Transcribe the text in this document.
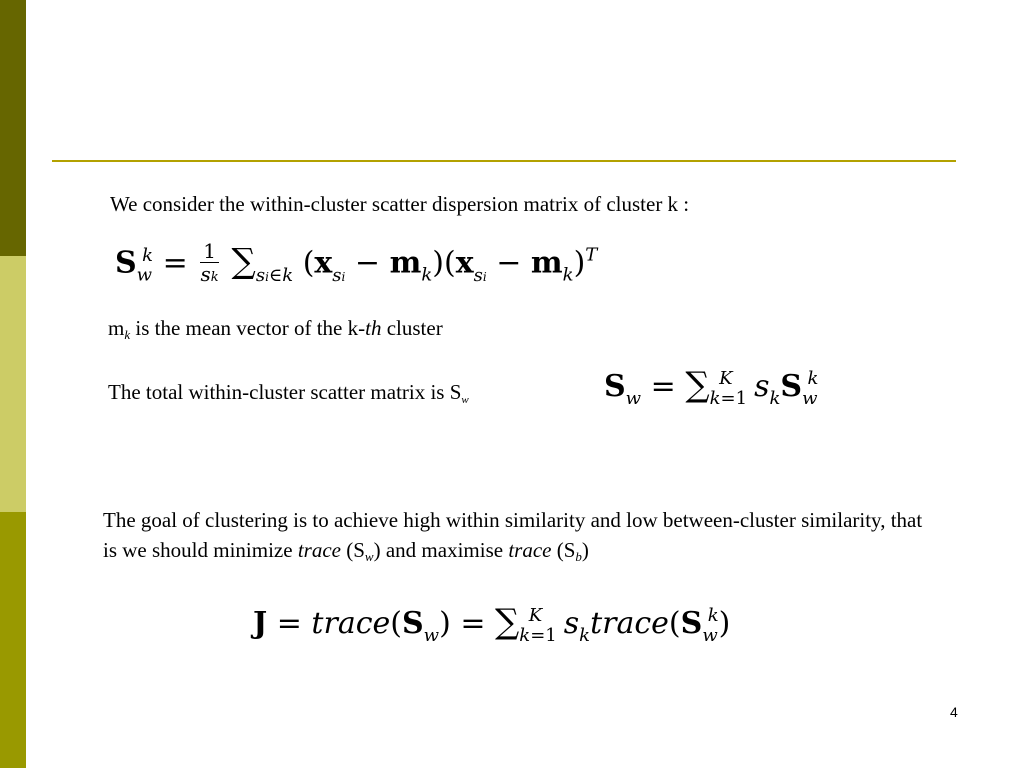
We consider the within-cluster scatter dispersion matrix of cluster k :
$S_w^k = \frac{1}{sk} \sum_{si\in k}$ $(x_{si} - m_k)(x_{si} - m_k)^T$
mk is the mean vector of the k-th cluster
The total within-cluster scatter matrix is Sw	$S_w = \sum_{k=1}^K$ $s_kS_w^k$
The goal of clustering is to achieve high within similarity and low between-cluster similarity, that is we should minimize trace (Sw) and maximise trace (Sb)
$J = trace(S_w) = \sum_{k=1}^K$ $s_ktrace(S_w^k)$
4
